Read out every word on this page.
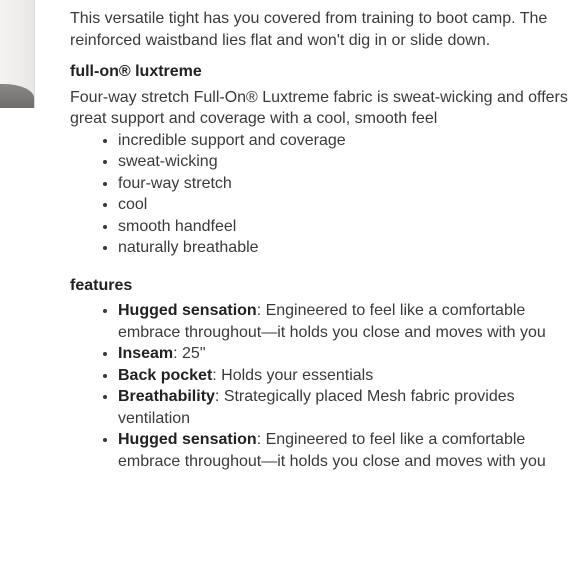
This versatile tight has you covered from training to boot camp. The reinforced waistband lies flat and won't dig in or slide down.

full-on® luxtreme

Four-way stretch Full-On® Luxtreme fabric is sweat-wicking and offers great support and coverage with a cool, smooth feel

• incredible support and coverage
• sweat-wicking
• four-way stretch
• cool
• smooth handfeel
• naturally breathable

features

• Hugged sensation: Engineered to feel like a comfortable embrace throughout—it holds you close and moves with you
• Inseam: 25"
• Back pocket: Holds your essentials
• Breathability: Strategically placed Mesh fabric provides ventilation
• Hugged sensation: Engineered to feel like a comfortable embrace throughout—it holds you close and moves with you
